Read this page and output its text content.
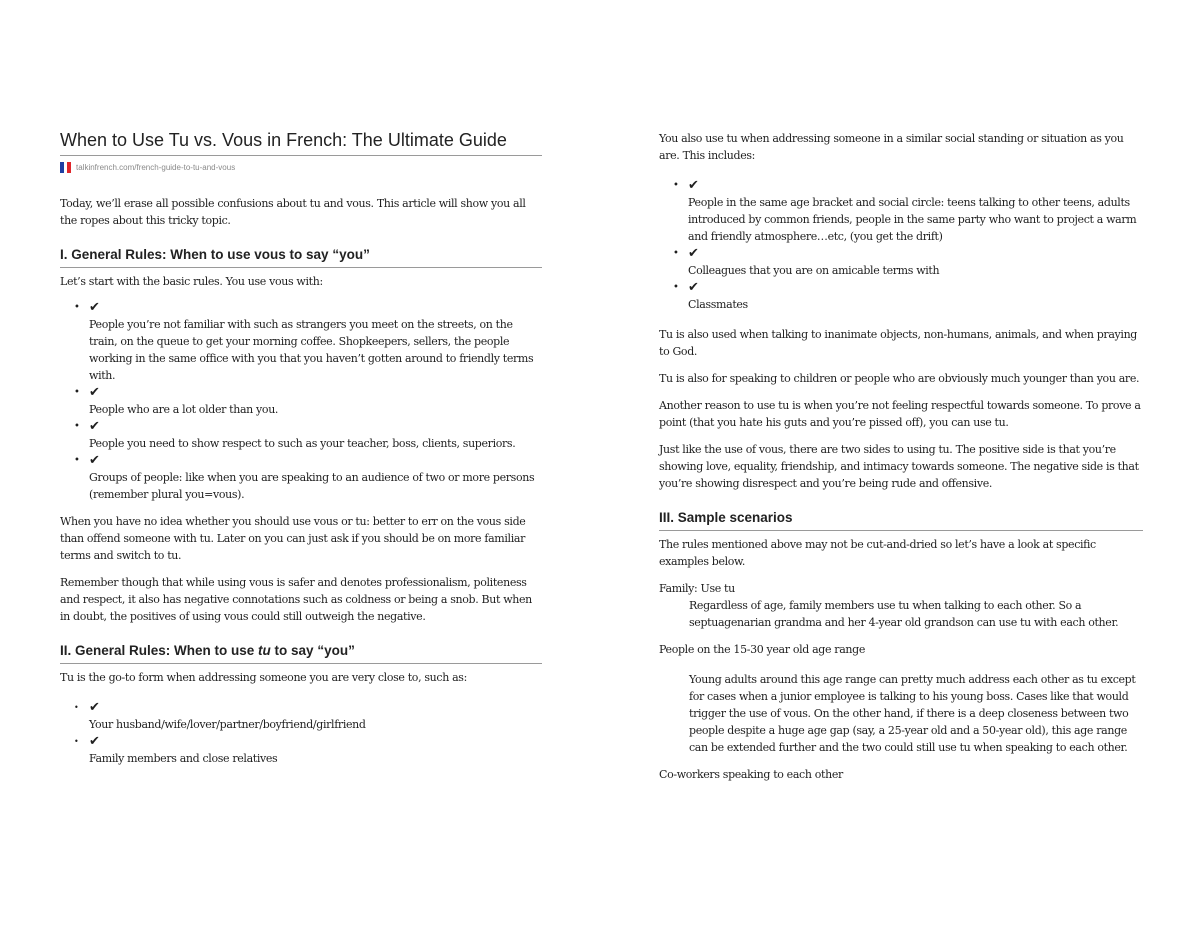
When to Use Tu vs. Vous in French: The Ultimate Guide
talkinfrench.com/french-guide-to-tu-and-vous

Today, we’ll erase all possible confusions about tu and vous. This article will show you all the ropes about this tricky topic.

I. General Rules: When to use vous to say “you”

Let’s start with the basic rules. You use vous with:

• ✔
People you’re not familiar with such as strangers you meet on the streets, on the train, on the queue to get your morning coffee. Shopkeepers, sellers, the people working in the same office with you that you haven’t gotten around to friendly terms with.
• ✔
People who are a lot older than you.
• ✔
People you need to show respect to such as your teacher, boss, clients, superiors.
• ✔
Groups of people: like when you are speaking to an audience of two or more persons (remember plural you=vous).

When you have no idea whether you should use vous or tu: better to err on the vous side than offend someone with tu. Later on you can just ask if you should be on more familiar terms and switch to tu.

Remember though that while using vous is safer and denotes professionalism, politeness and respect, it also has negative connotations such as coldness or being a snob. But when in doubt, the positives of using vous could still outweigh the negative.

II. General Rules: When to use tu to say “you”

Tu is the go-to form when addressing someone you are very close to, such as:

• ✔
Your husband/wife/lover/partner/boyfriend/girlfriend
• ✔
Family members and close relatives

You also use tu when addressing someone in a similar social standing or situation as you are. This includes:

• ✔
People in the same age bracket and social circle: teens talking to other teens, adults introduced by common friends, people in the same party who want to project a warm and friendly atmosphere…etc, (you get the drift)
• ✔
Colleagues that you are on amicable terms with
• ✔
Classmates

Tu is also used when talking to inanimate objects, non-humans, animals, and when praying to God.

Tu is also for speaking to children or people who are obviously much younger than you are.

Another reason to use tu is when you’re not feeling respectful towards someone. To prove a point (that you hate his guts and you’re pissed off), you can use tu.

Just like the use of vous, there are two sides to using tu. The positive side is that you’re showing love, equality, friendship, and intimacy towards someone. The negative side is that you’re showing disrespect and you’re being rude and offensive.

III. Sample scenarios

The rules mentioned above may not be cut-and-dried so let’s have a look at specific examples below.

Family: Use tu

Regardless of age, family members use tu when talking to each other. So a septuagenarian grandma and her 4-year old grandson can use tu with each other.

People on the 15-30 year old age range

Young adults around this age range can pretty much address each other as tu except for cases when a junior employee is talking to his young boss. Cases like that would trigger the use of vous. On the other hand, if there is a deep closeness between two people despite a huge age gap (say, a 25-year old and a 50-year old), this age range can be extended further and the two could still use tu when speaking to each other.

Co-workers speaking to each other
